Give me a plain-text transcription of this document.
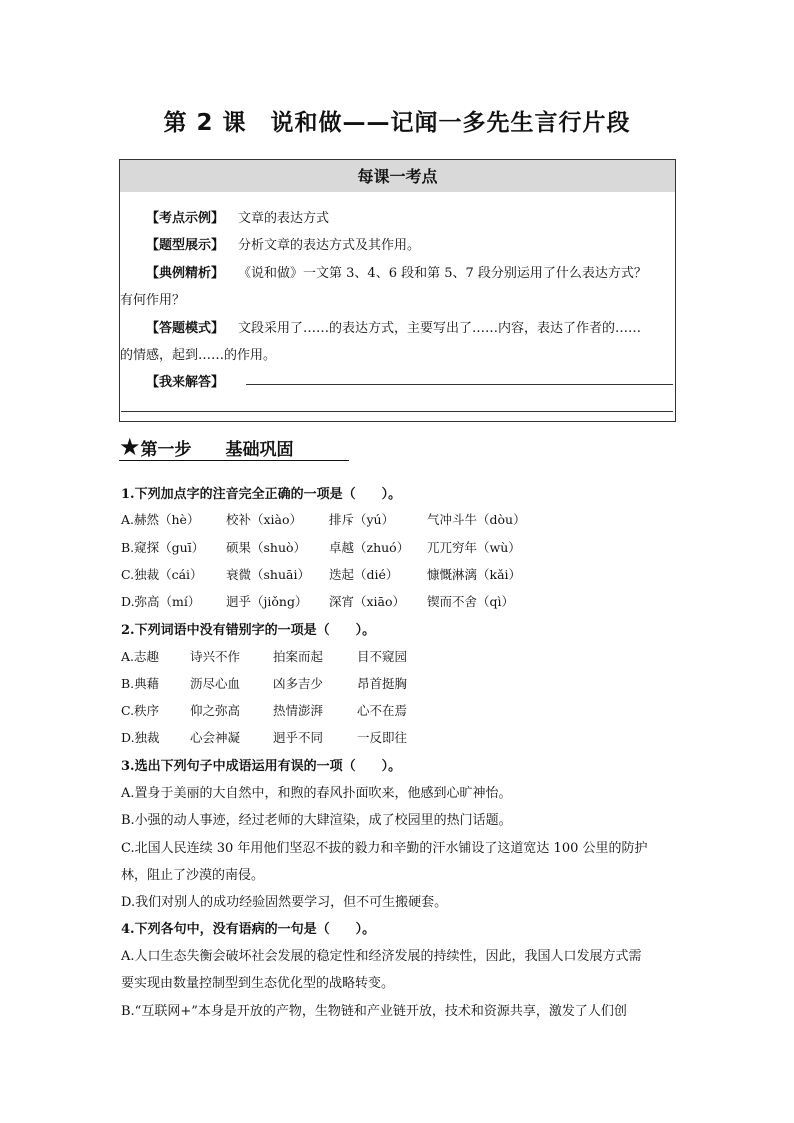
第 2 课　说和做——记闻一多先生言行片段
每课一考点
【考点示例】 文章的表达方式
【题型展示】 分析文章的表达方式及其作用。
【典例精析】 《说和做》一文第 3、4、6 段和第 5、7 段分别运用了什么表达方式？
有何作用？
【答题模式】 文段采用了……的表达方式，主要写出了……内容，表达了作者的……
的情感，起到……的作用。
【我来解答】
★第一步　　基础巩固
1.下列加点字的注音完全正确的一项是（　　）。
A.赫然（hè） 校补（xiào） 排斥（yú）	气冲斗牛（dòu）
B.窥探（guī） 硕果（shuò） 卓越（zhuó） 兀兀穷年（wù）
C.独裁（cái） 衰微（shuāi） 迭起（dié） 慷慨淋漓（kǎi）
D.弥高（mí） 迥乎（jiǒng） 深宵（xiāo） 锲而不舍（qì）
2.下列词语中没有错别字的一项是（　　）。
A.志趣 诗兴不作	拍案而起	目不窥园
B.典藉 沥尽心血	凶多吉少	昂首挺胸
C.秩序 仰之弥高	热情澎湃	心不在焉
D.独裁 心会神凝	迥乎不同	一反即往
3.选出下列句子中成语运用有误的一项（　　）。
A.置身于美丽的大自然中，和煦的春风扑面吹来，他感到心旷神怡。
B.小强的动人事迹，经过老师的大肆渲染，成了校园里的热门话题。
C.北国人民连续 30 年用他们坚忍不拔的毅力和辛勤的汗水铺设了这道宽达 100 公里的防护
林，阻止了沙漠的南侵。
D.我们对别人的成功经验固然要学习，但不可生搬硬套。
4.下列各句中，没有语病的一句是（　　）。
A.人口生态失衡会破坏社会发展的稳定性和经济发展的持续性，因此，我国人口发展方式需
要实现由数量控制型到生态优化型的战略转变。
B.“互联网+”本身是开放的产物，生物链和产业链开放，技术和资源共享，激发了人们创
